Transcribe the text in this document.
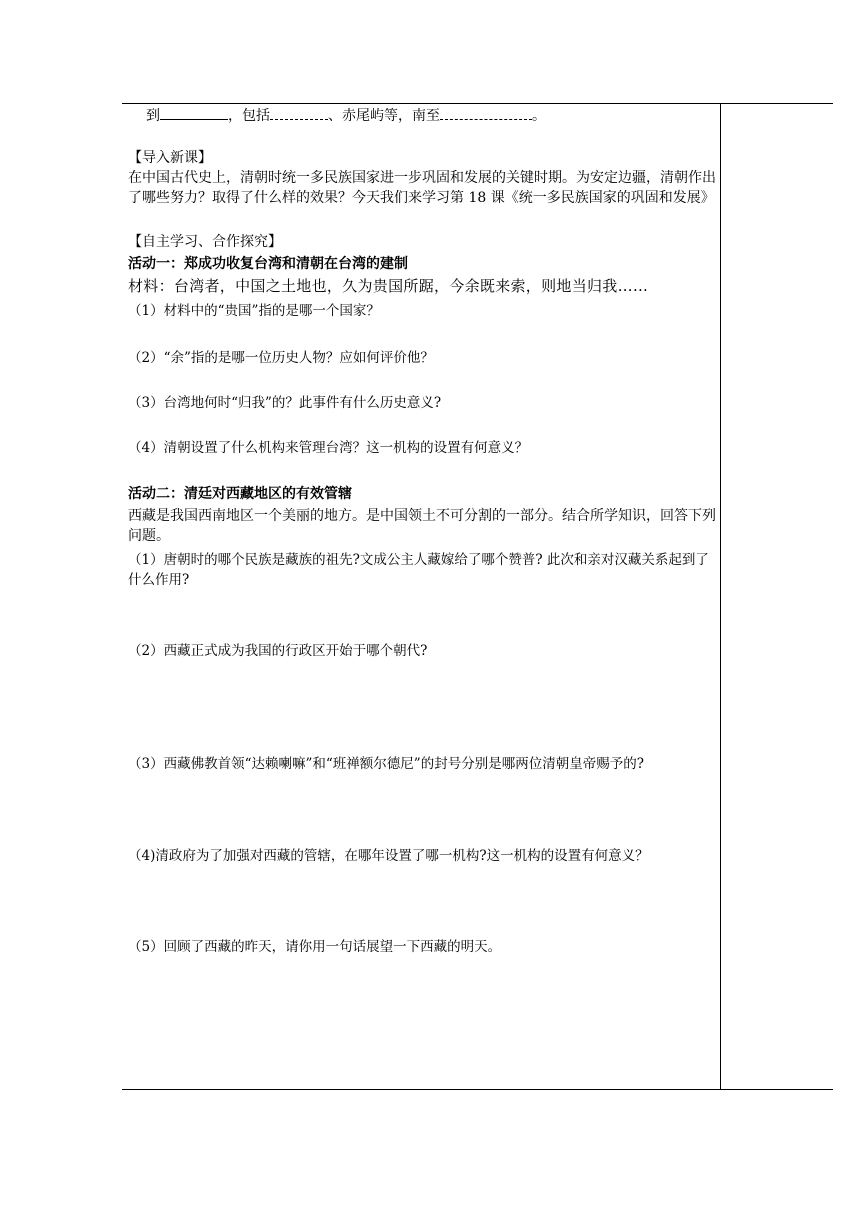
到	，包括	、赤尾屿等，南至	。
【导入新课】
在中国古代史上，清朝时统一多民族国家进一步巩固和发展的关键时期。为安定边疆，清朝作出了哪些努力？取得了什么样的效果？今天我们来学习第 18 课《统一多民族国家的巩固和发展》
【自主学习、合作探究】
活动一：郑成功收复台湾和清朝在台湾的建制
材料：台湾者，中国之土地也，久为贵国所踞，今余既来索，则地当归我……
（1）材料中的“贵国”指的是哪一个国家？
（2）“余”指的是哪一位历史人物？应如何评价他？
（3）台湾地何时“归我”的？此事件有什么历史意义?
（4）清朝设置了什么机构来管理台湾？这一机构的设置有何意义？
活动二：清廷对西藏地区的有效管辖
西藏是我国西南地区一个美丽的地方。是中国领土不可分割的一部分。结合所学知识，回答下列问题。
（1）唐朝时的哪个民族是藏族的祖先?文成公主人藏嫁给了哪个赞普? 此次和亲对汉藏关系起到了什么作用?
（2）西藏正式成为我国的行政区开始于哪个朝代?
（3）西藏佛教首领“达赖喇嘛”和“班禅额尔德尼”的封号分别是哪两位清朝皇帝赐予的?
（4)清政府为了加强对西藏的管辖，在哪年设置了哪一机构?这一机构的设置有何意义？
（5）回顾了西藏的昨天，请你用一句话展望一下西藏的明天。
